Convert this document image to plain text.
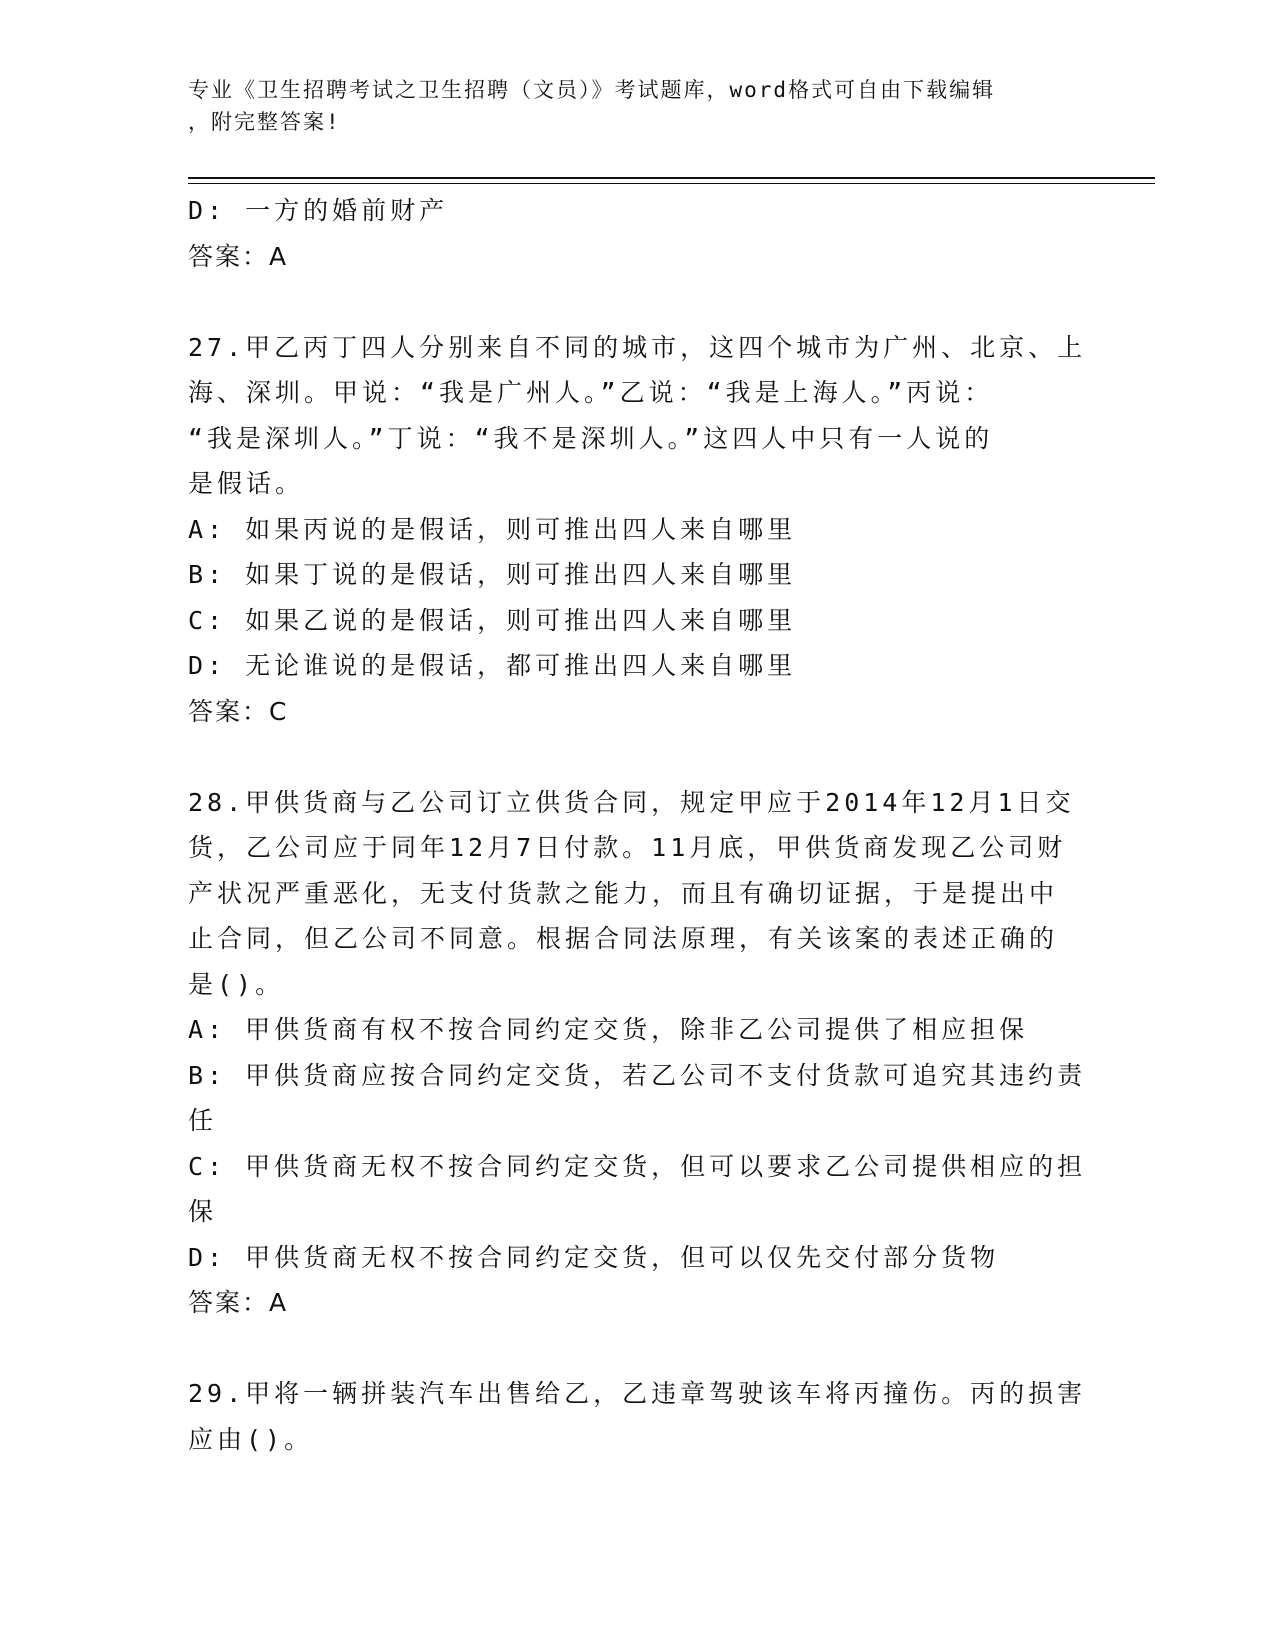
专业《卫生招聘考试之卫生招聘（文员）》考试题库，word格式可自由下载编辑
，附完整答案!
D: 一方的婚前财产
答案：A
27.甲乙丙丁四人分别来自不同的城市，这四个城市为广州、北京、上
海、深圳。甲说：“我是广州人。”乙说：“我是上海人。”丙说：
“我是深圳人。”丁说：“我不是深圳人。”这四人中只有一人说的
是假话。
A: 如果丙说的是假话，则可推出四人来自哪里
B: 如果丁说的是假话，则可推出四人来自哪里
C: 如果乙说的是假话，则可推出四人来自哪里
D: 无论谁说的是假话，都可推出四人来自哪里
答案：C
28.甲供货商与乙公司订立供货合同，规定甲应于2014年12月1日交
货，乙公司应于同年12月7日付款。11月底，甲供货商发现乙公司财
产状况严重恶化，无支付货款之能力，而且有确切证据，于是提出中
止合同，但乙公司不同意。根据合同法原理，有关该案的表述正确的
是()。
A: 甲供货商有权不按合同约定交货，除非乙公司提供了相应担保
B: 甲供货商应按合同约定交货，若乙公司不支付货款可追究其违约责
任
C: 甲供货商无权不按合同约定交货，但可以要求乙公司提供相应的担
保
D: 甲供货商无权不按合同约定交货，但可以仅先交付部分货物
答案：A
29.甲将一辆拼装汽车出售给乙，乙违章驾驶该车将丙撞伤。丙的损害
应由()。
